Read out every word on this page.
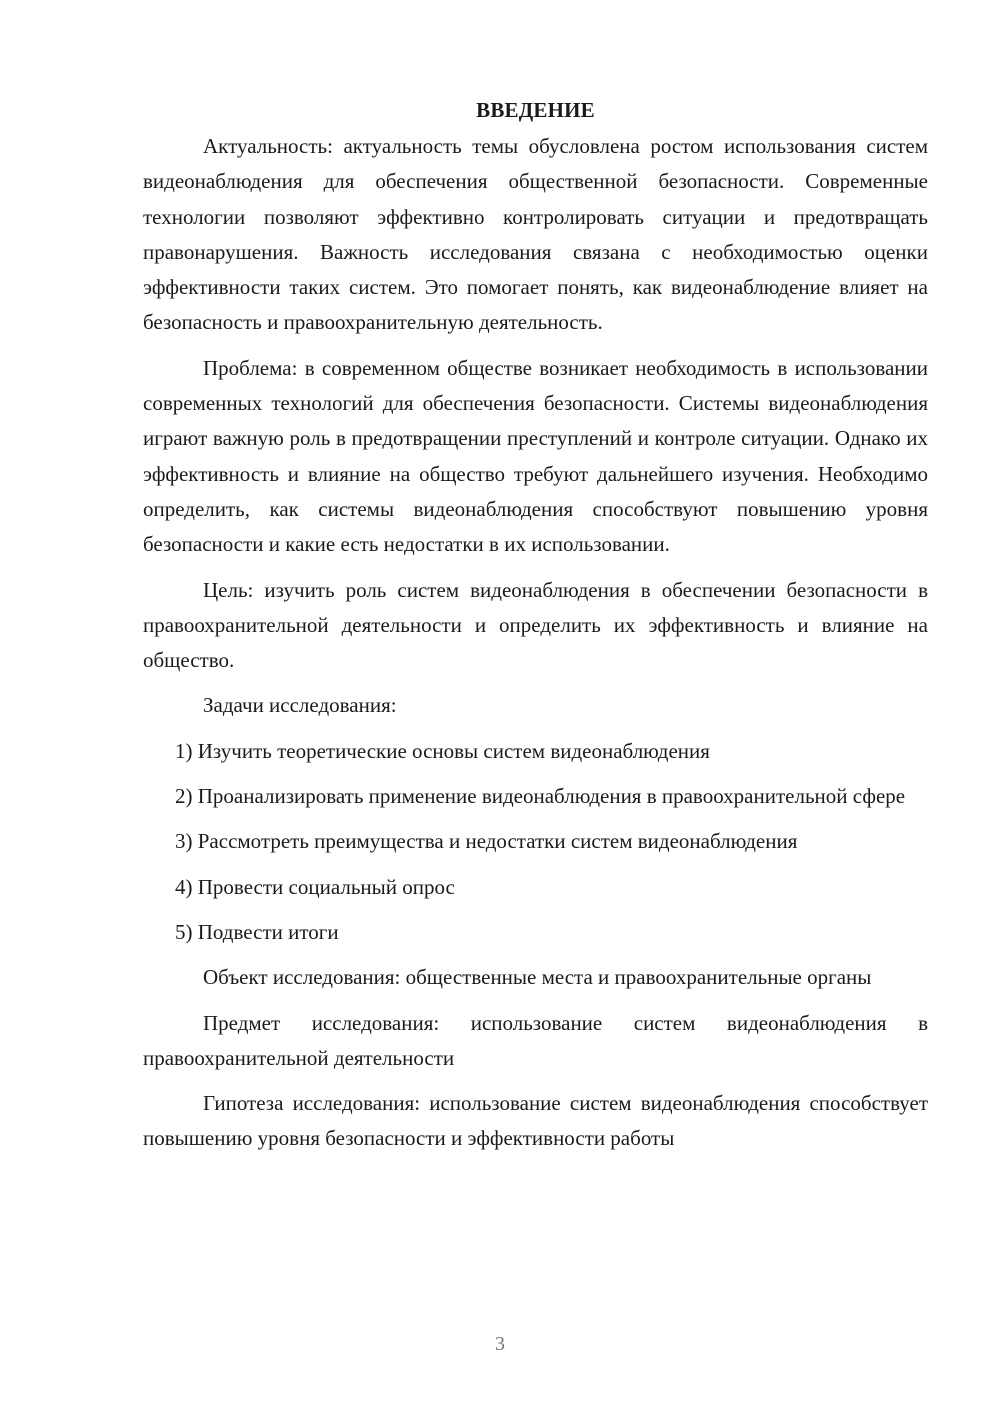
ВВЕДЕНИЕ

Актуальность: актуальность темы обусловлена ростом использования систем видеонаблюдения для обеспечения общественной безопасности. Современные технологии позволяют эффективно контролировать ситуации и предотвращать правонарушения. Важность исследования связана с необходимостью оценки эффективности таких систем. Это помогает понять, как видеонаблюдение влияет на безопасность и правоохранительную деятельность.

Проблема: в современном обществе возникает необходимость в использовании современных технологий для обеспечения безопасности. Системы видеонаблюдения играют важную роль в предотвращении преступлений и контроле ситуации. Однако их эффективность и влияние на общество требуют дальнейшего изучения. Необходимо определить, как системы видеонаблюдения способствуют повышению уровня безопасности и какие есть недостатки в их использовании.

Цель: изучить роль систем видеонаблюдения в обеспечении безопасности в правоохранительной деятельности и определить их эффективность и влияние на общество.

Задачи исследования:

1) Изучить теоретические основы систем видеонаблюдения

2) Проанализировать применение видеонаблюдения в правоохранительной сфере

3) Рассмотреть преимущества и недостатки систем видеонаблюдения

4) Провести социальный опрос

5) Подвести итоги

Объект исследования: общественные места и правоохранительные органы

Предмет исследования: использование систем видеонаблюдения в правоохранительной деятельности

Гипотеза исследования: использование систем видеонаблюдения способствует повышению уровня безопасности и эффективности работы

3
